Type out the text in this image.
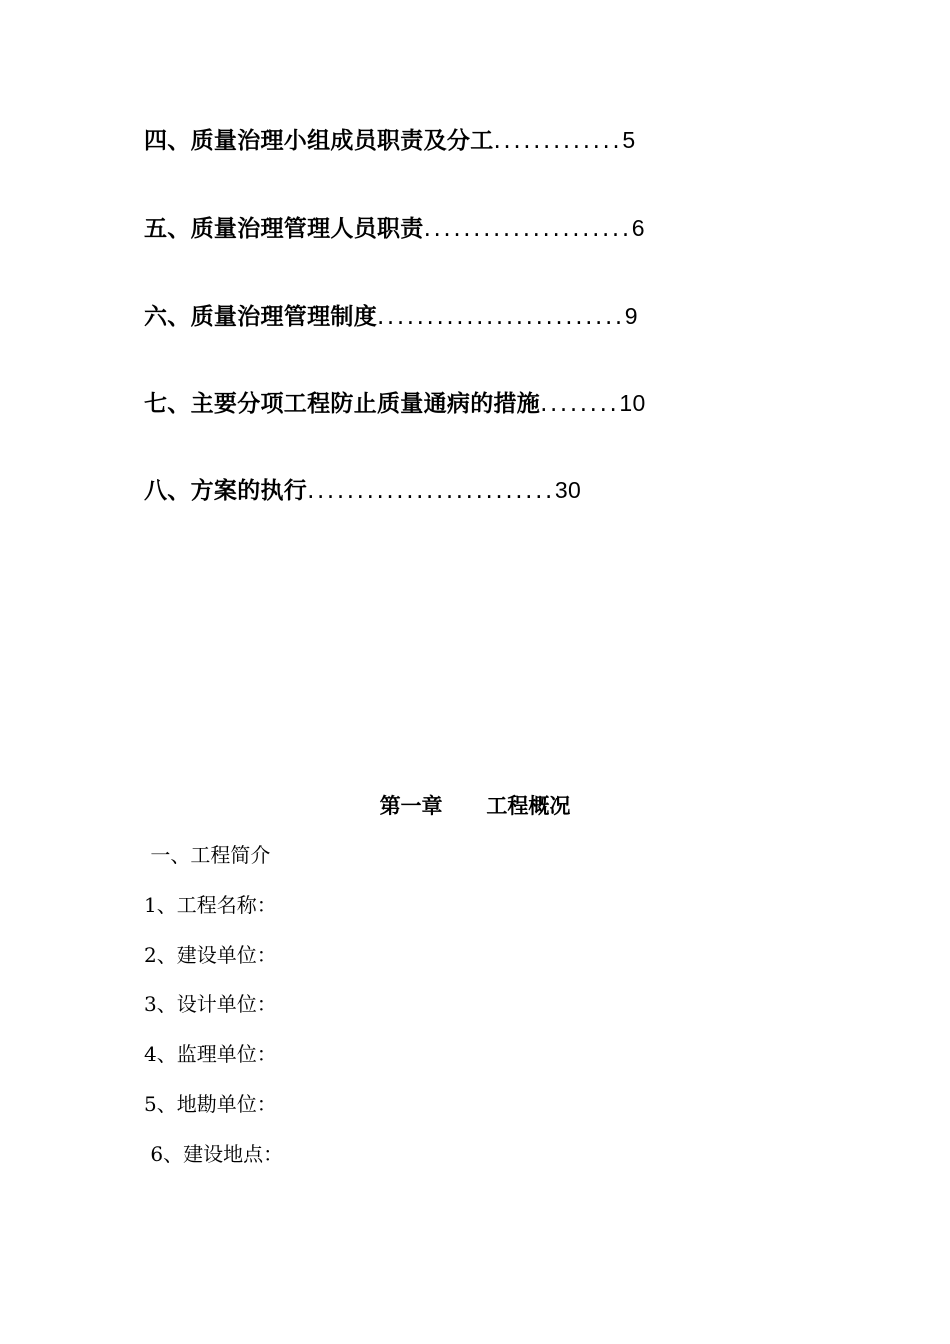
四、质量治理小组成员职责及分工.............5
五、质量治理管理人员职责.....................6
六、质量治理管理制度.........................9
七、主要分项工程防止质量通病的措施........10
八、方案的执行.........................30
第一章      工程概况
一、工程简介
1、工程名称：
2、建设单位：
3、设计单位：
4、监理单位：
5、地勘单位：
6、建设地点：
